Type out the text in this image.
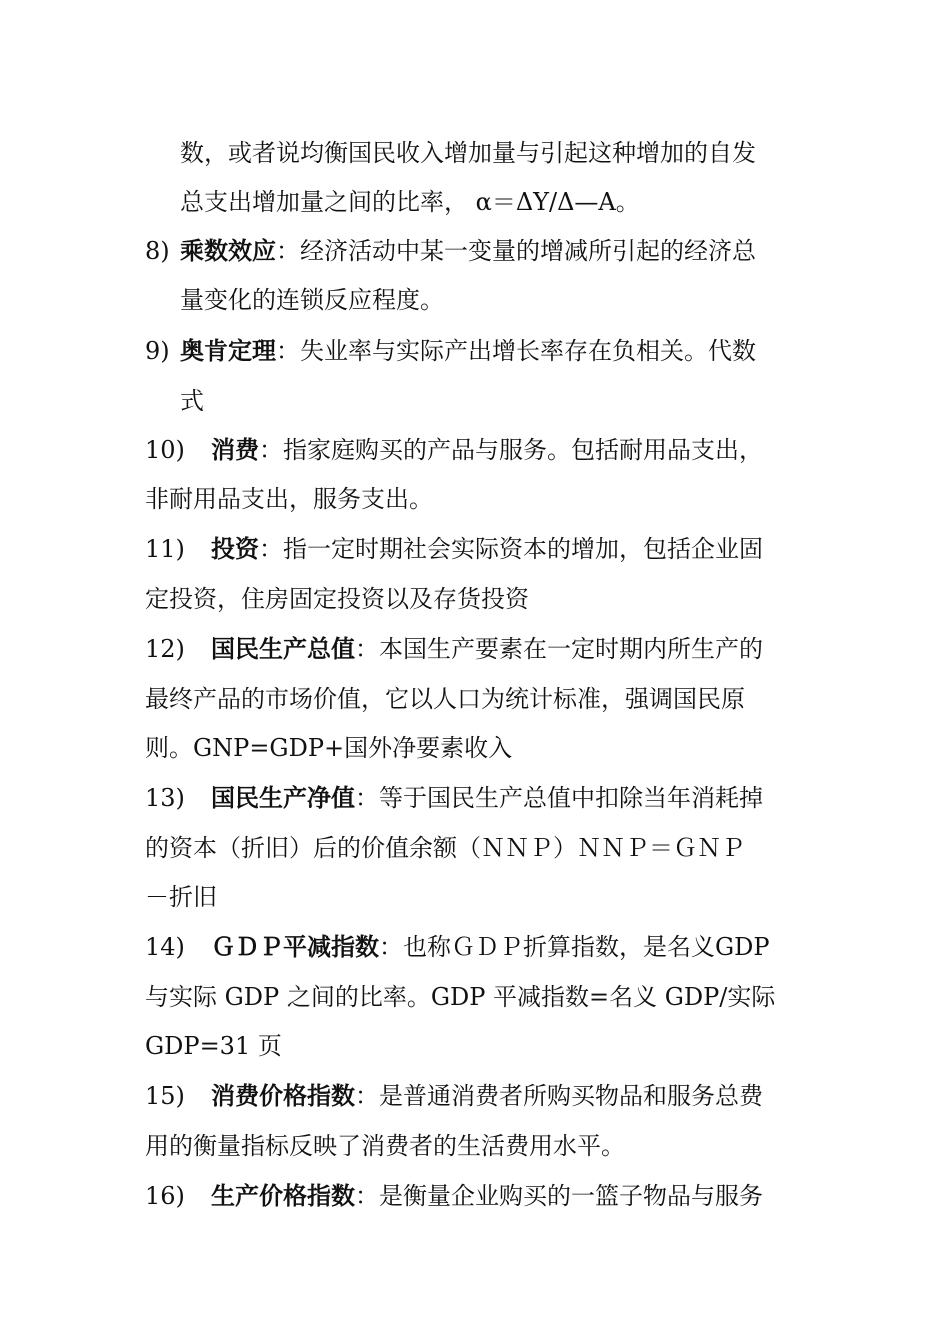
数，或者说均衡国民收入增加量与引起这种增加的自发
总支出增加量之间的比率， α＝ΔY/Δ—A。
8) 乘数效应：经济活动中某一变量的增减所引起的经济总
量变化的连锁反应程度。
9) 奥肯定理：失业率与实际产出增长率存在负相关。代数
式
10) 消费：指家庭购买的产品与服务。包括耐用品支出，
非耐用品支出，服务支出。
11) 投资：指一定时期社会实际资本的增加，包括企业固
定投资，住房固定投资以及存货投资
12) 国民生产总值：本国生产要素在一定时期内所生产的
最终产品的市场价值，它以人口为统计标准，强调国民原
则。GNP=GDP+国外净要素收入
13) 国民生产净值：等于国民生产总值中扣除当年消耗掉
的资本（折旧）后的价值余额（ＮＮＰ）ＮＮＰ＝ＧＮＰ
－折旧
14) ＧＤＰ平减指数：也称ＧＤＰ折算指数，是名义GDP
与实际 GDP 之间的比率。GDP 平减指数=名义 GDP/实际
GDP=31 页
15) 消费价格指数：是普通消费者所购买物品和服务总费
用的衡量指标反映了消费者的生活费用水平。
16) 生产价格指数：是衡量企业购买的一篮子物品与服务
